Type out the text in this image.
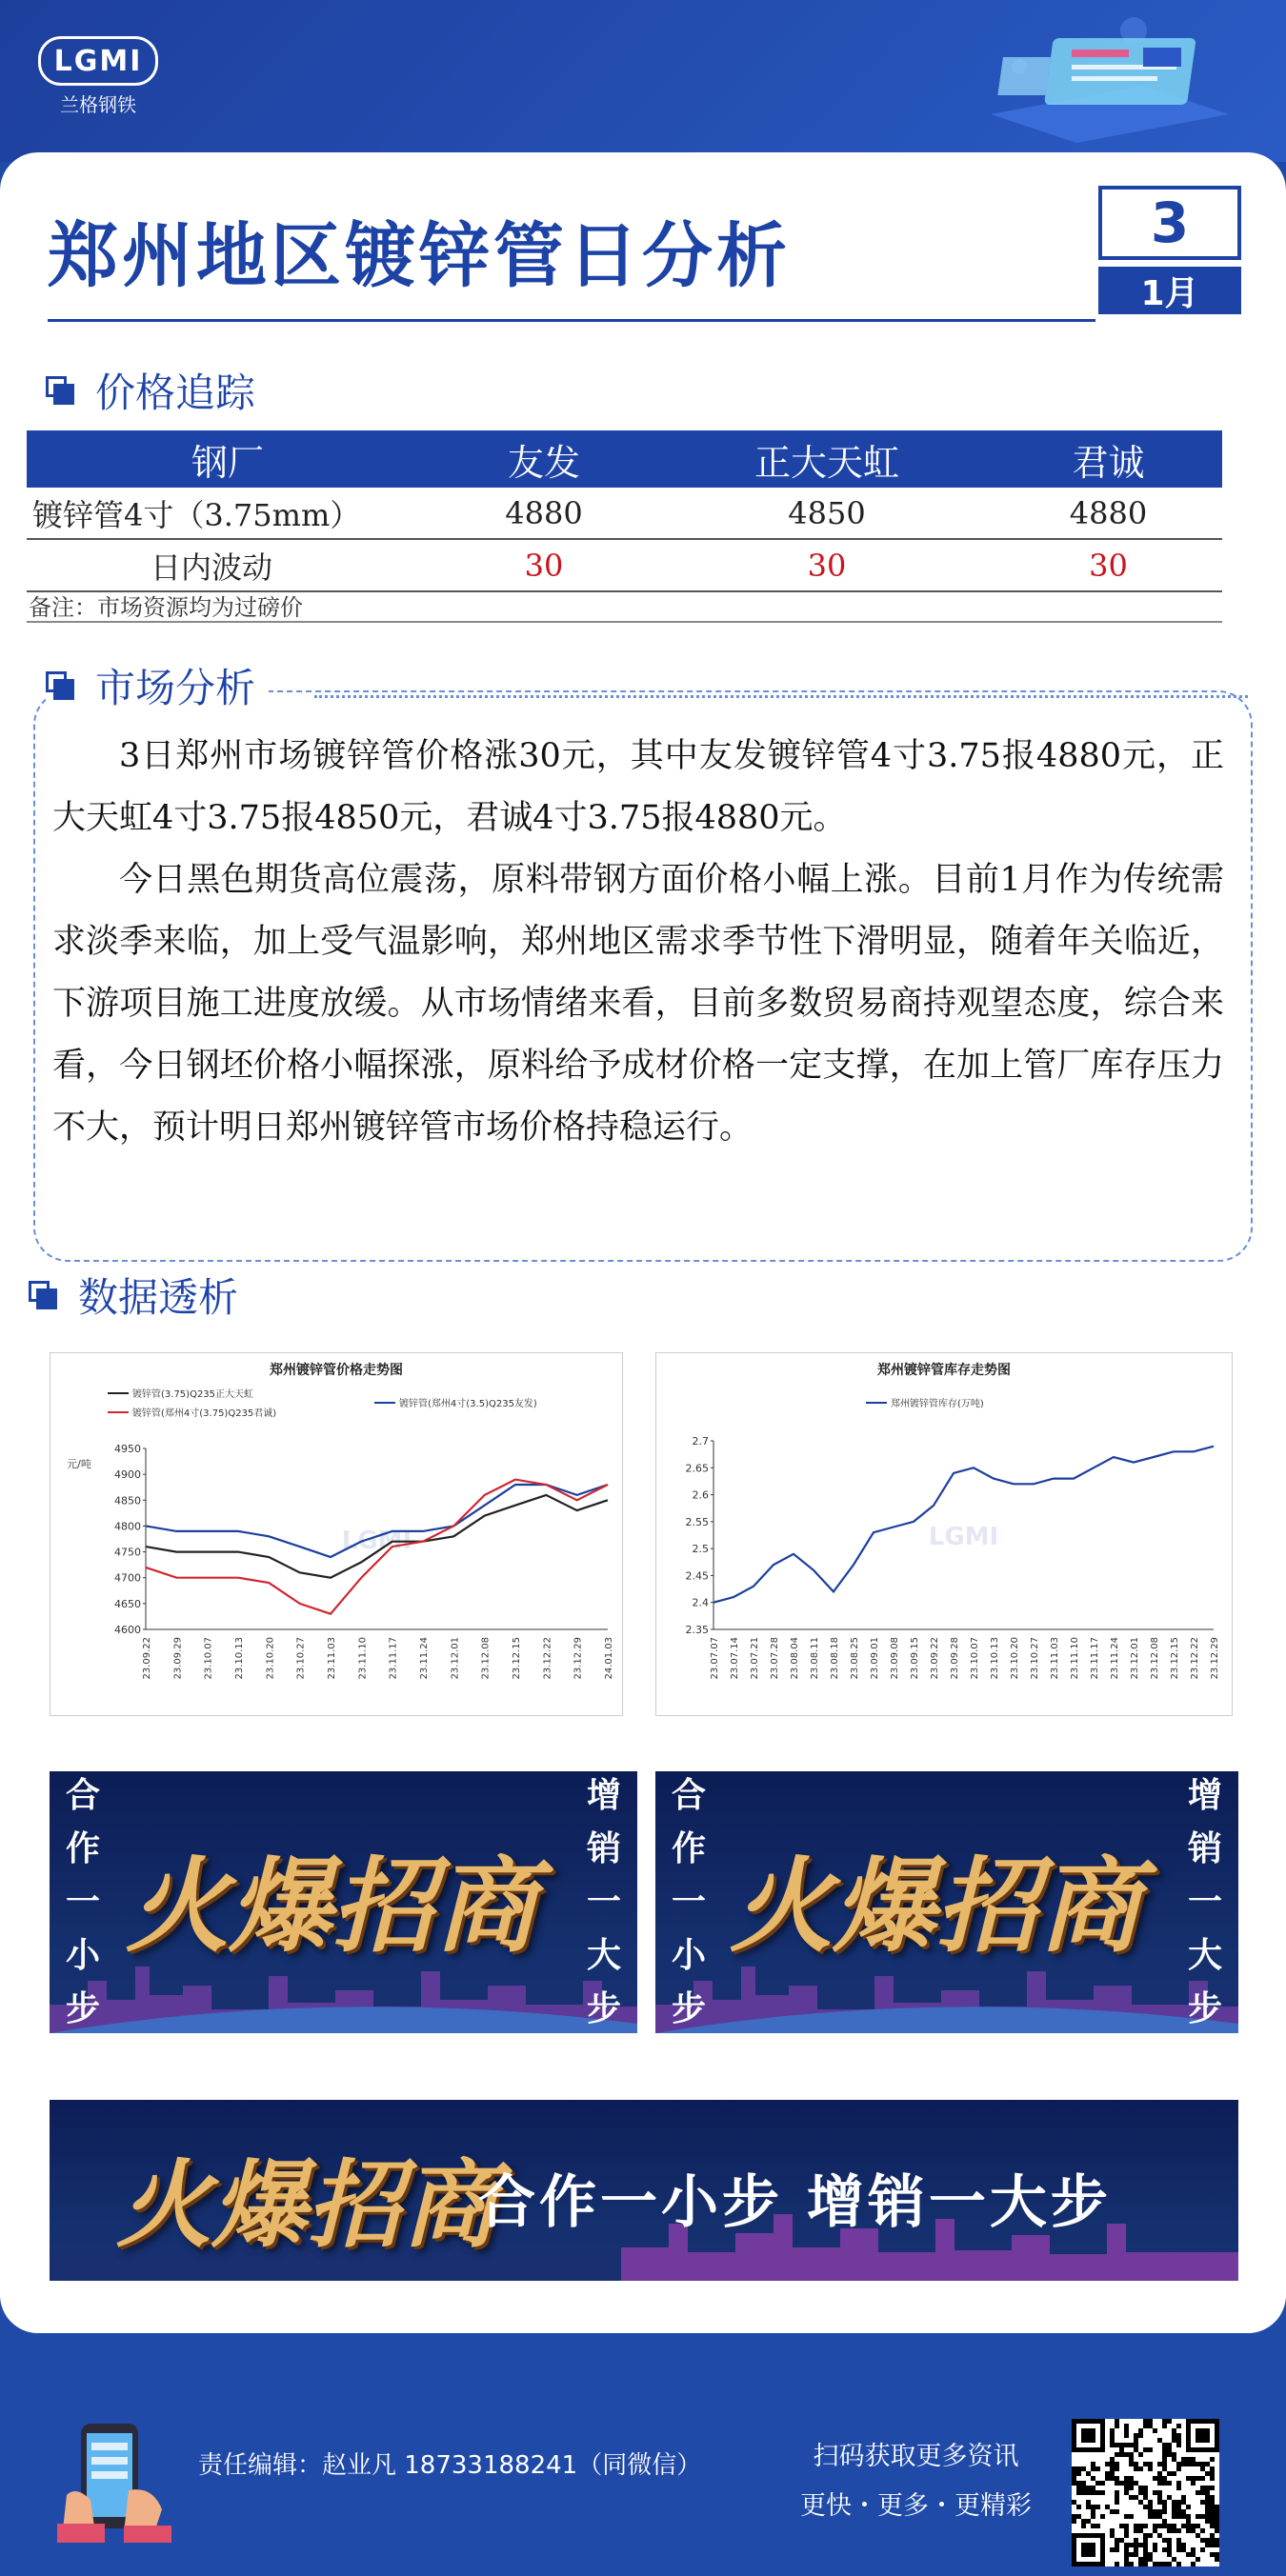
LGMI
兰格钢铁
郑州地区镀锌管日分析	3
1月
价格追踪
钢厂	友发	正大天虹	君诚
镀锌管4寸（3.75mm）	4880	4850	4880
日内波动	30	30	30
备注：市场资源均为过磅价
市场分析

3日郑州市场镀锌管价格涨30元，其中友发镀锌管4寸3.75报4880元，正大天虹4寸3.75报4850元，君诚4寸3.75报4880元。

今日黑色期货高位震荡，原料带钢方面价格小幅上涨。目前1月作为传统需求淡季来临，加上受气温影响，郑州地区需求季节性下滑明显，随着年关临近，下游项目施工进度放缓。从市场情绪来看，目前多数贸易商持观望态度，综合来看，今日钢坯价格小幅探涨，原料给予成材价格一定支撑，在加上管厂库存压力不大，预计明日郑州镀锌管市场价格持稳运行。

数据透析
郑州镀锌管价格走势图
4600
4650
4700
4750
4800
4850
4900
4950
23.09.22 23.09.29 23.10.07 23.10.13 23.10.20 23.10.27 23.11.03 23.11.10 23.11.17 23.11.24 23.12.01 23.12.08 23.12.15 23.12.22 23.12.29 24.01.03
元/吨
LGMI
镀锌管(3.75)Q235正大天虹
镀锌管(郑州4寸(3.5)Q235友发)
镀锌管(郑州4寸(3.75)Q235君诚)
郑州镀锌管库存走势图
2.35
2.4
2.45
2.5
2.55
2.6
2.65
2.7
23.07.07 23.07.14 23.07.21 23.07.28 23.08.04 23.08.11 23.08.18 23.08.25 23.09.01 23.09.08 23.09.15 23.09.22 23.09.28 23.10.07 23.10.13 23.10.20 23.10.27 23.11.03 23.11.10 23.11.17 23.11.24 23.12.01 23.12.08 23.12.15 23.12.22 23.12.29
LGMI
郑州镀锌管库存(万吨)
合
作
一
小
步
火爆招商
增
销
一
大
步
合
作
一
小
步
火爆招商
增
销
一
大
步
火爆招商
合作一小步 增销一大步
责任编辑：赵业凡 18733188241（同微信）	扫码获取更多资讯
更快・更多・更精彩
